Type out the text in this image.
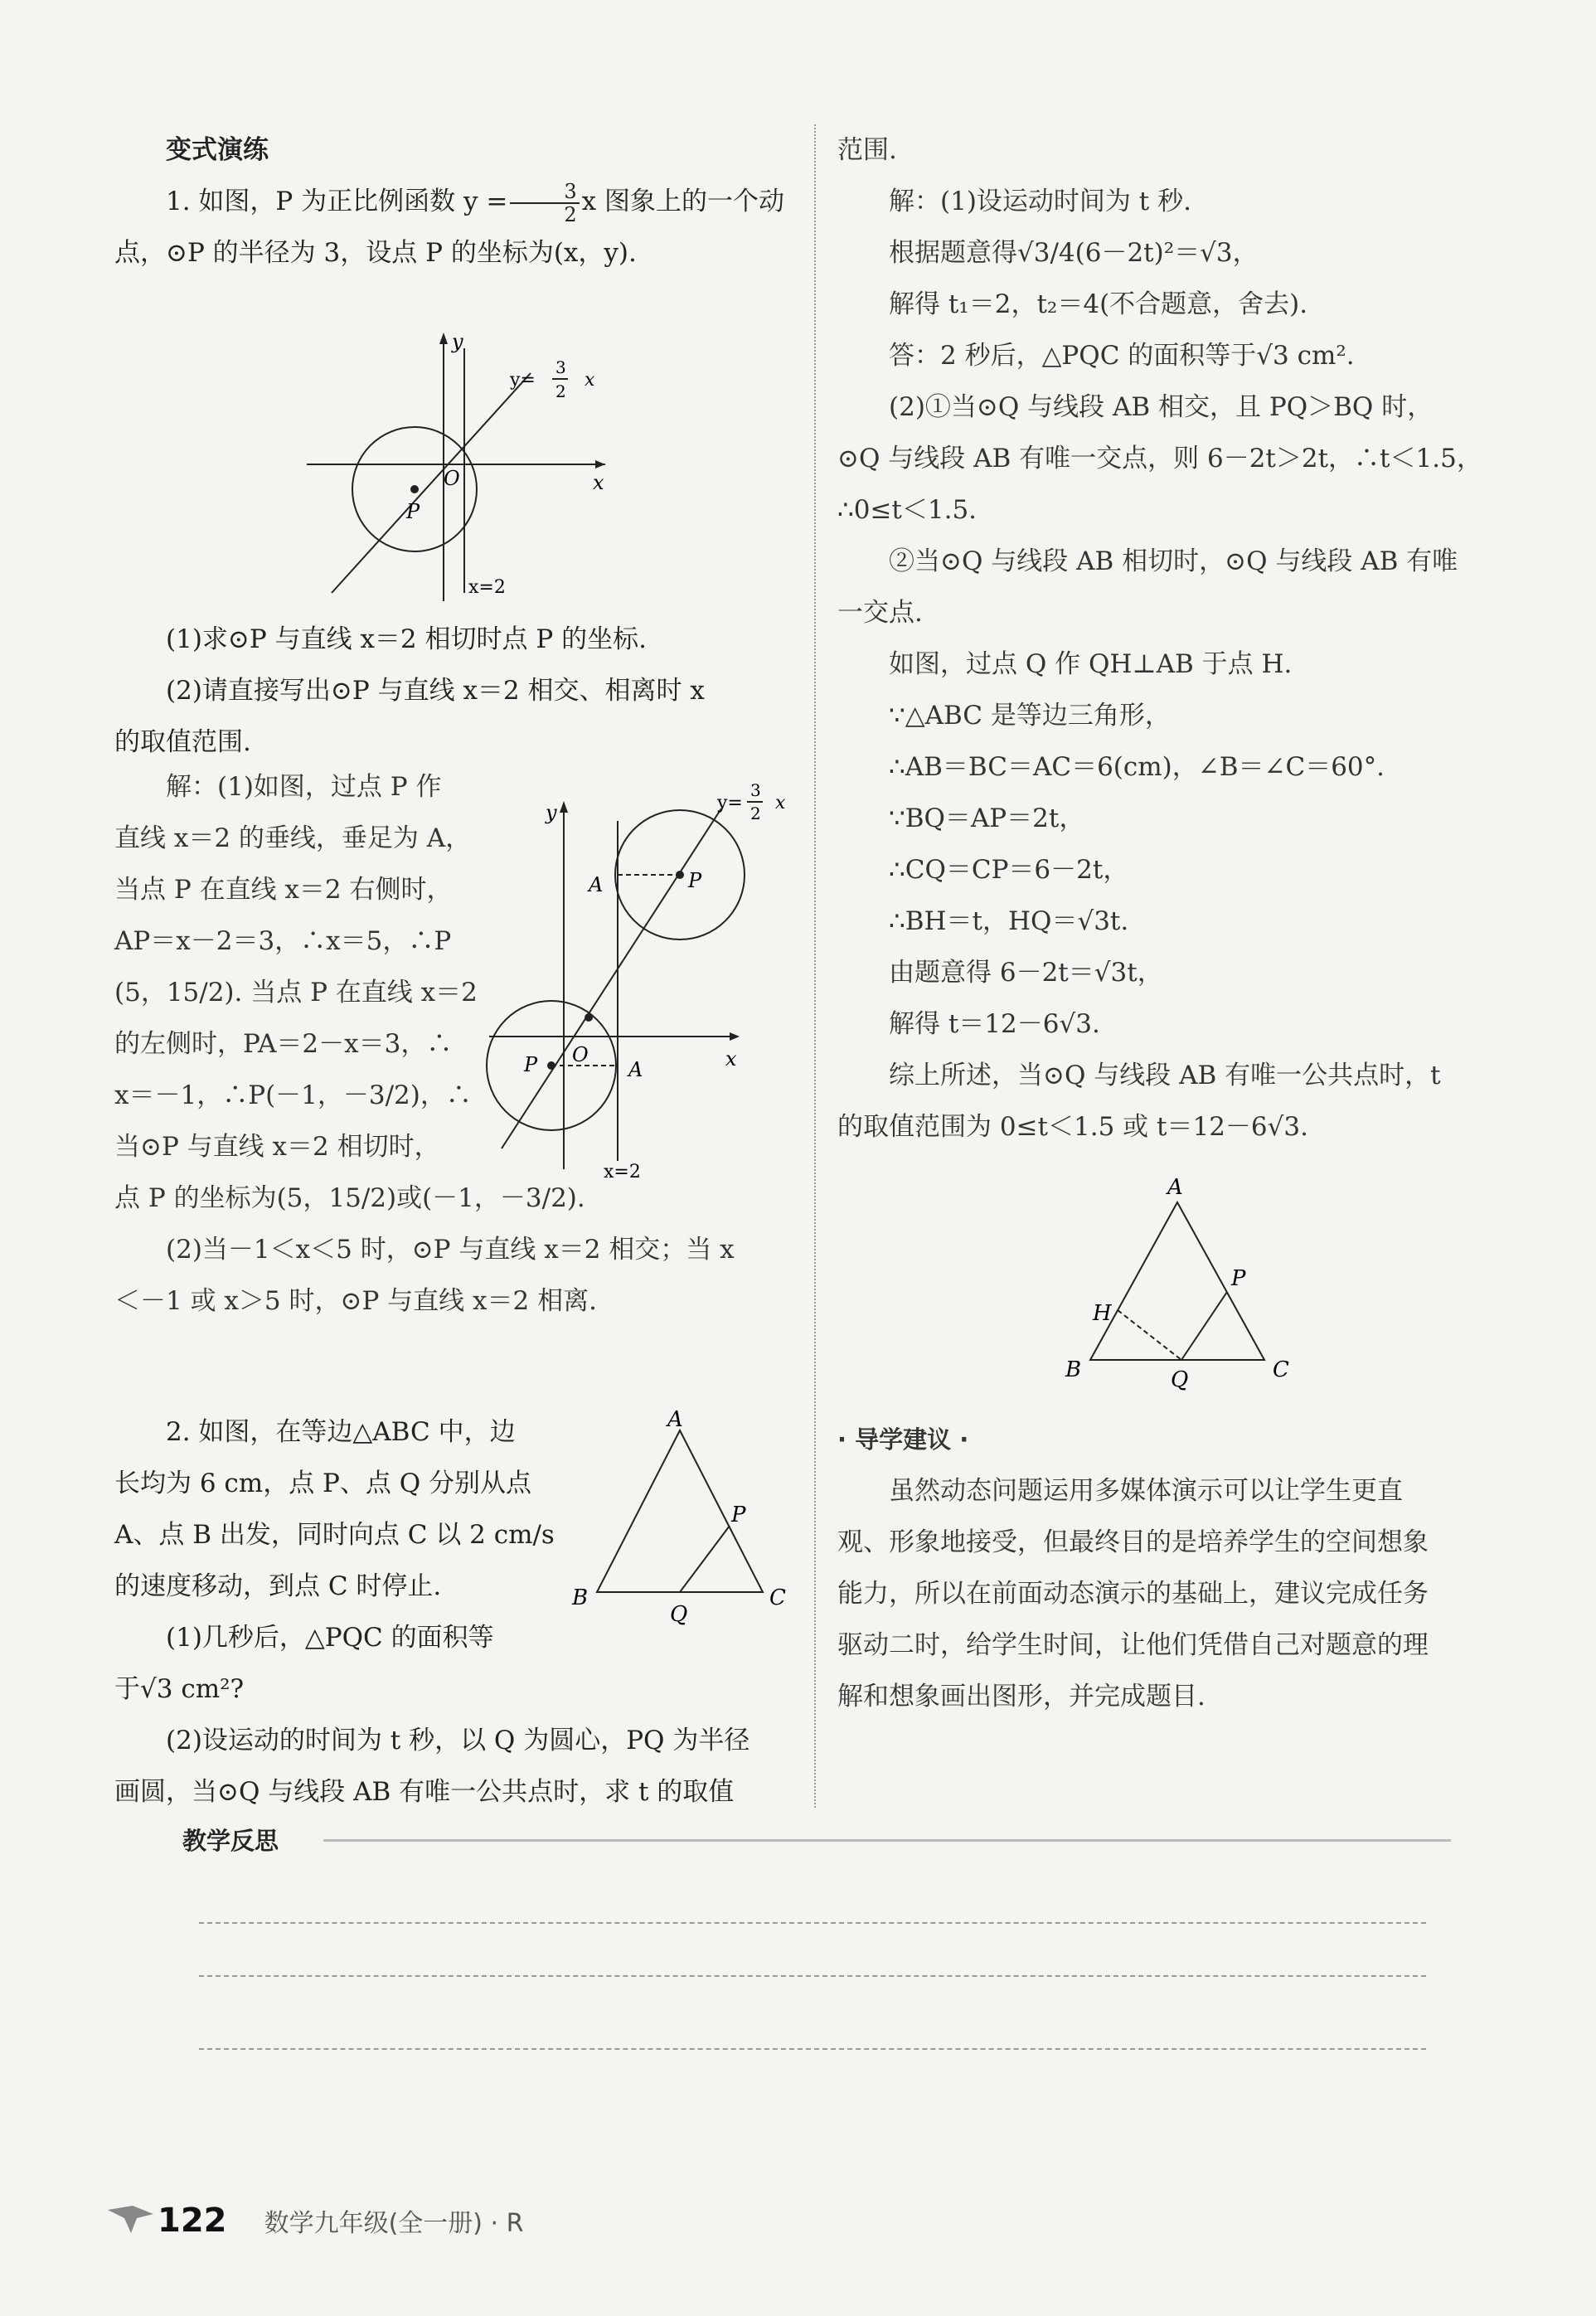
变式演练

1. 如图，P 为正比例函数 $y = \frac{3}{2}$ x 图象上的一个动

点，⊙P 的半径为 3，设点 P 的坐标为(x，y).

y
x
O
P
y=	x
3
2
x=2

(1)求⊙P 与直线 x＝2 相切时点 P 的坐标.

(2)请直接写出⊙P 与直线 x＝2 相交、相离时 x

的取值范围.

解：(1)如图，过点 P 作

直线 x＝2 的垂线，垂足为 A，

当点 P 在直线 x＝2 右侧时，

AP＝x－2＝3，∴x＝5，∴P

(5，15/2). 当点 P 在直线 x＝2

的左侧时，PA＝2－x＝3，∴

x＝－1，∴P(－1，－3/2)，∴

当⊙P 与直线 x＝2 相切时，

点 P 的坐标为(5，15/2)或(－1，－3/2).

(2)当－1＜x＜5 时，⊙P 与直线 x＝2 相交；当 x

＜－1 或 x＞5 时，⊙P 与直线 x＝2 相离.

y
x
O
P
A
P	A
y= x
3
2
x=2

2. 如图，在等边△ABC 中，边

长均为 6 cm，点 P、点 Q 分别从点

A、点 B 出发，同时向点 C 以 2 cm/s

的速度移动，到点 C 时停止.

(1)几秒后，△PQC 的面积等

于√3 cm²?

(2)设运动的时间为 t 秒，以 Q 为圆心，PQ 为半径

画圆，当⊙Q 与线段 AB 有唯一公共点时，求 t 的取值

A
B	C
P
Q

范围.

解：(1)设运动时间为 t 秒.

根据题意得√3/4(6－2t)²＝√3，

解得 t₁＝2，t₂＝4(不合题意，舍去).

答：2 秒后，△PQC 的面积等于√3 cm².

(2)①当⊙Q 与线段 AB 相交，且 PQ＞BQ 时，

⊙Q 与线段 AB 有唯一交点，则 6－2t＞2t，∴t＜1.5，

∴0≤t＜1.5.

②当⊙Q 与线段 AB 相切时，⊙Q 与线段 AB 有唯

一交点.

如图，过点 Q 作 QH⊥AB 于点 H.

∵△ABC 是等边三角形，

∴AB＝BC＝AC＝6(cm)，∠B＝∠C＝60°.

∵BQ＝AP＝2t，

∴CQ＝CP＝6－2t，

∴BH＝t，HQ＝√3t.

由题意得 6－2t＝√3t，

解得 t＝12－6√3.

综上所述，当⊙Q 与线段 AB 有唯一公共点时，t

的取值范围为 0≤t＜1.5 或 t＝12－6√3.

A
B	C
P
Q
H

· 导学建议 ·

虽然动态问题运用多媒体演示可以让学生更直

观、形象地接受，但最终目的是培养学生的空间想象

能力，所以在前面动态演示的基础上，建议完成任务

驱动二时，给学生时间，让他们凭借自己对题意的理

解和想象画出图形，并完成题目.

教学反思
122 数学九年级(全一册) · R
